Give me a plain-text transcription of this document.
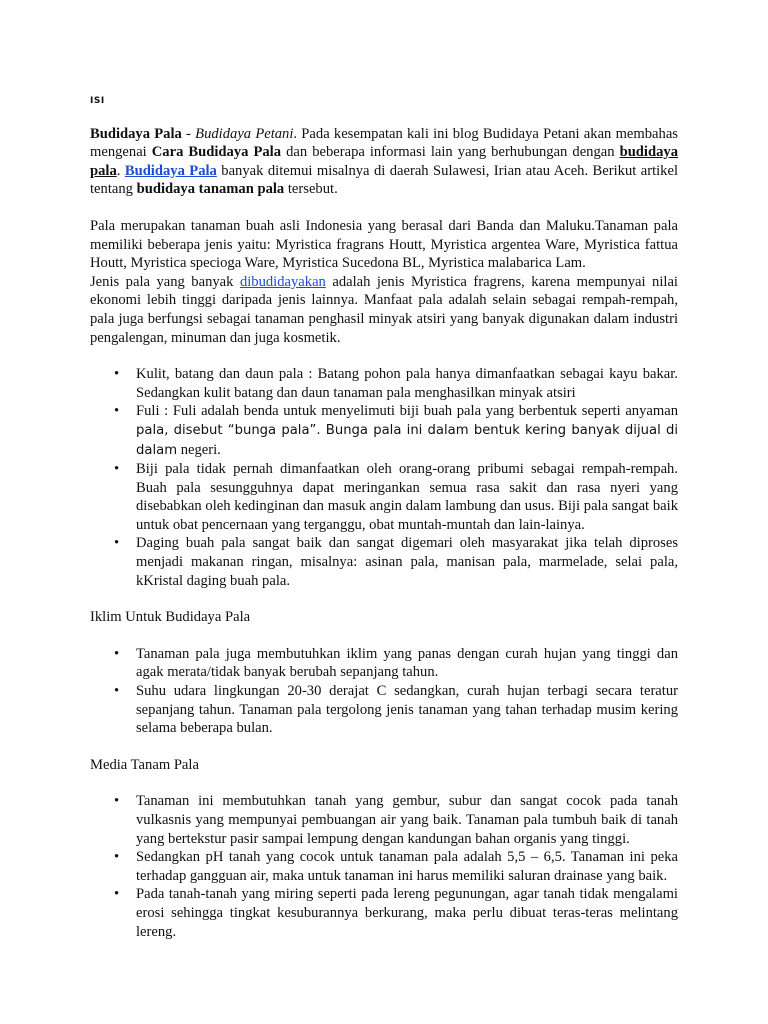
ISI

Budidaya Pala - Budidaya Petani. Pada kesempatan kali ini blog Budidaya Petani akan membahas mengenai Cara Budidaya Pala dan beberapa informasi lain yang berhubungan dengan budidaya pala. Budidaya Pala banyak ditemui misalnya di daerah Sulawesi, Irian atau Aceh. Berikut artikel tentang budidaya tanaman pala tersebut.

Pala merupakan tanaman buah asli Indonesia yang berasal dari Banda dan Maluku.Tanaman pala memiliki beberapa jenis yaitu: Myristica fragrans Houtt, Myristica argentea Ware, Myristica fattua Houtt, Myristica specioga Ware, Myristica Sucedona BL, Myristica malabarica Lam.

Jenis pala yang banyak dibudidayakan adalah jenis Myristica fragrens, karena mempunyai nilai ekonomi lebih tinggi daripada jenis lainnya. Manfaat pala adalah selain sebagai rempah-rempah, pala juga berfungsi sebagai tanaman penghasil minyak atsiri yang banyak digunakan dalam industri pengalengan, minuman dan juga kosmetik.

• Kulit, batang dan daun pala : Batang pohon pala hanya dimanfaatkan sebagai kayu bakar. Sedangkan kulit batang dan daun tanaman pala menghasilkan minyak atsiri
• Fuli : Fuli adalah benda untuk menyelimuti biji buah pala yang berbentuk seperti anyaman pala, disebut “bunga pala”. Bunga pala ini dalam bentuk kering banyak dijual di dalam negeri.
• Biji pala tidak pernah dimanfaatkan oleh orang-orang pribumi sebagai rempah-rempah. Buah pala sesungguhnya dapat meringankan semua rasa sakit dan rasa nyeri yang disebabkan oleh kedinginan dan masuk angin dalam lambung dan usus. Biji pala sangat baik untuk obat pencernaan yang terganggu, obat muntah-muntah dan lain-lainya.
• Daging buah pala sangat baik dan sangat digemari oleh masyarakat jika telah diproses menjadi makanan ringan, misalnya: asinan pala, manisan pala, marmelade, selai pala, kKristal daging buah pala.

Iklim Untuk Budidaya Pala

• Tanaman pala juga membutuhkan iklim yang panas dengan curah hujan yang tinggi dan agak merata/tidak banyak berubah sepanjang tahun.
• Suhu udara lingkungan 20-30 derajat C sedangkan, curah hujan terbagi secara teratur sepanjang tahun. Tanaman pala tergolong jenis tanaman yang tahan terhadap musim kering selama beberapa bulan.

Media Tanam Pala

• Tanaman ini membutuhkan tanah yang gembur, subur dan sangat cocok pada tanah vulkasnis yang mempunyai pembuangan air yang baik. Tanaman pala tumbuh baik di tanah yang bertekstur pasir sampai lempung dengan kandungan bahan organis yang tinggi.
• Sedangkan pH tanah yang cocok untuk tanaman pala adalah 5,5 – 6,5. Tanaman ini peka terhadap gangguan air, maka untuk tanaman ini harus memiliki saluran drainase yang baik.
• Pada tanah-tanah yang miring seperti pada lereng pegunungan, agar tanah tidak mengalami erosi sehingga tingkat kesuburannya berkurang, maka perlu dibuat teras-teras melintang lereng.
